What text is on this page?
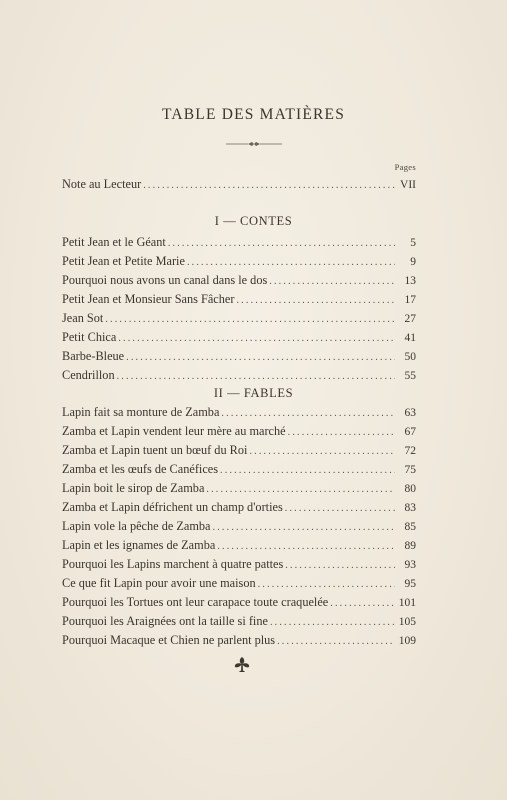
TABLE DES MATIÈRES
Pages
Note au Lecteur .....	VII
I — CONTES
Petit Jean et le Géant .....	5
Petit Jean et Petite Marie .....	9
Pourquoi nous avons un canal dans le dos .....	13
Petit Jean et Monsieur Sans Fâcher .....	17
Jean Sot .....	27
Petit Chica .....	41
Barbe-Bleue .....	50
Cendrillon .....	55
II — FABLES
Lapin fait sa monture de Zamba .....	63
Zamba et Lapin vendent leur mère au marché .....	67
Zamba et Lapin tuent un bœuf du Roi .....	72
Zamba et les œufs de Canéfices .....	75
Lapin boit le sirop de Zamba .....	80
Zamba et Lapin défrichent un champ d'orties .....	83
Lapin vole la pêche de Zamba .....	85
Lapin et les ignames de Zamba .....	89
Pourquoi les Lapins marchent à quatre pattes .....	93
Ce que fit Lapin pour avoir une maison .....	95
Pourquoi les Tortues ont leur carapace toute craquelée .....	101
Pourquoi les Araignées ont la taille si fine .....	105
Pourquoi Macaque et Chien ne parlent plus .....	109
